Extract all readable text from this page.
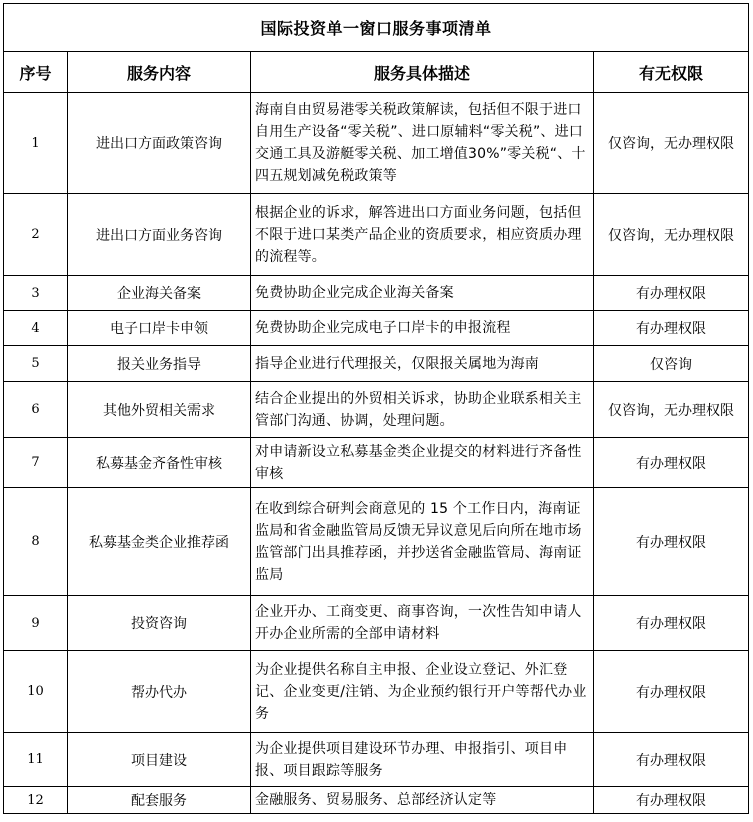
国际投资单一窗口服务事项清单			
序号	服务内容	服务具体描述	有无权限
1	进出口方面政策咨询	海南自由贸易港零关税政策解读，包括但不限于进口自用生产设备“零关税”、进口原辅料“零关税”、进口交通工具及游艇零关税、加工增值30%”零关税“、十四五规划减免税政策等	仅咨询，无办理权限
2	进出口方面业务咨询	根据企业的诉求，解答进出口方面业务问题，包括但不限于进口某类产品企业的资质要求，相应资质办理的流程等。	仅咨询，无办理权限
3	企业海关备案	免费协助企业完成企业海关备案	有办理权限
4	电子口岸卡申领	免费协助企业完成电子口岸卡的申报流程	有办理权限
5	报关业务指导	指导企业进行代理报关，仅限报关属地为海南	仅咨询
6	其他外贸相关需求	结合企业提出的外贸相关诉求，协助企业联系相关主管部门沟通、协调，处理问题。	仅咨询，无办理权限
7	私募基金齐备性审核	对申请新设立私募基金类企业提交的材料进行齐备性审核	有办理权限
8	私募基金类企业推荐函	在收到综合研判会商意见的 15 个工作日内，海南证监局和省金融监管局反馈无异议意见后向所在地市场监管部门出具推荐函，并抄送省金融监管局、海南证监局	有办理权限
9	投资咨询	企业开办、工商变更、商事咨询，一次性告知申请人开办企业所需的全部申请材料	有办理权限
10	帮办代办	为企业提供名称自主申报、企业设立登记、外汇登记、企业变更/注销、为企业预约银行开户等帮代办业务	有办理权限
11	项目建设	为企业提供项目建设环节办理、申报指引、项目申报、项目跟踪等服务	有办理权限
12	配套服务	金融服务、贸易服务、总部经济认定等	有办理权限
